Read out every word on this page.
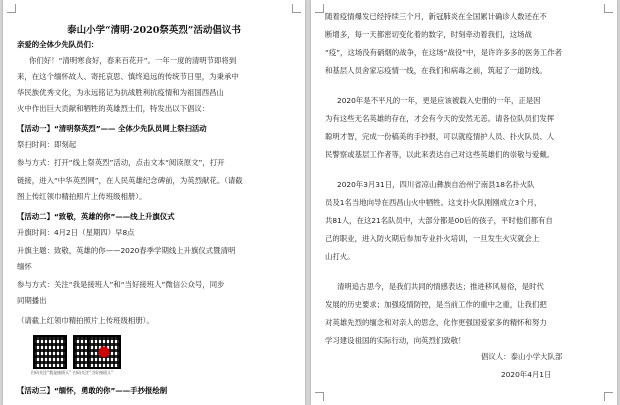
泰山小学“清明·2020祭英烈”活动倡议书
亲爱的全体少先队员们：
你们好！“清明寒食好，春来百花开”。一年一度的清明节即将到
来，在这个缅怀故人、寄托哀思、慎终追远的传统节日里，为秉承中
华民族优秀文化，为永远铭记为抗战胜利抗疫情和为祖国西昌山
火中作出巨大贡献和牺牲的英雄烈士们，特发出以下倡议：
【活动一】“清明祭英烈”—— 全体少先队员网上祭扫活动
祭扫时间：即刻起
参与方式：打开“线上祭英烈”活动，点击文本“阅读原文”，打开
链接，进入“中华英烈网”，在人民英雄纪念碑前，为英烈献花。（请截
图上传红领巾精拍照片上传班级相册）。
【活动二】“致敬，英雄的你”——线上升旗仪式
升旗时间：4月2日（星期四）早8点
升旗主题：致敬，英雄的你——2020春季学期线上升旗仪式暨清明
缅怀
参与方式：关注“我是接班人”和“当好接班人”微信公众号，同步
同期播出
（请截上红领巾精拍照片上传班级相册）。
扫码关注“我是接班人” 扫码关注“当好接班人”
【活动三】“缅怀，勇敢的你”——手抄报绘制
随着疫情爆发已经持续三个月，新冠肺炎在全国累计确诊人数还在不
断增多，每一天都密切变化着的数字，时刻牵动着我们，这场战
“疫”，这场没有硝烟的战争，在这场“战役”中，是许许多多的医务工作者
和基层人员舍家忘疫情一线，在我们和病毒之前，筑起了一道防线。
2020年是不平凡的一年，更是应该被载入史册的一年，正是因
为有这些无名英雄的存在，才会有今天的安然无恙。请各位队员们发挥
聪明才智，完成一份稿美的手抄报，可以就疫情护人员、扑火队员、人
民警察或基层工作者等，以此来表达自己对这些英雄们的崇敬与爱戴。
2020年3月31日，四川省凉山彝族自治州宁南县18名扑火队
员及1名当地向导在西昌山火中牺牲。这支扑火队刚刚成立3个月，
共81人，在这21名队员中，大部分都是00后的孩子，平时他们都有自
己的职业，进入防火期后参加专业扑火培训，一旦发生火灾就会上
山打火。
清明追古思今，是我们共同的情感表达；推进移风易俗，是时代
发展的历史要求；加强疫情防控，是当前工作的重中之重，让我们把
对英雄先烈的缅念和对亲人的思念，化作更强国爱家多的精怀和努力
学习建设祖国的实际行动，向英烈们致敬！
倡议人：泰山小学大队部
2020年4月1日
